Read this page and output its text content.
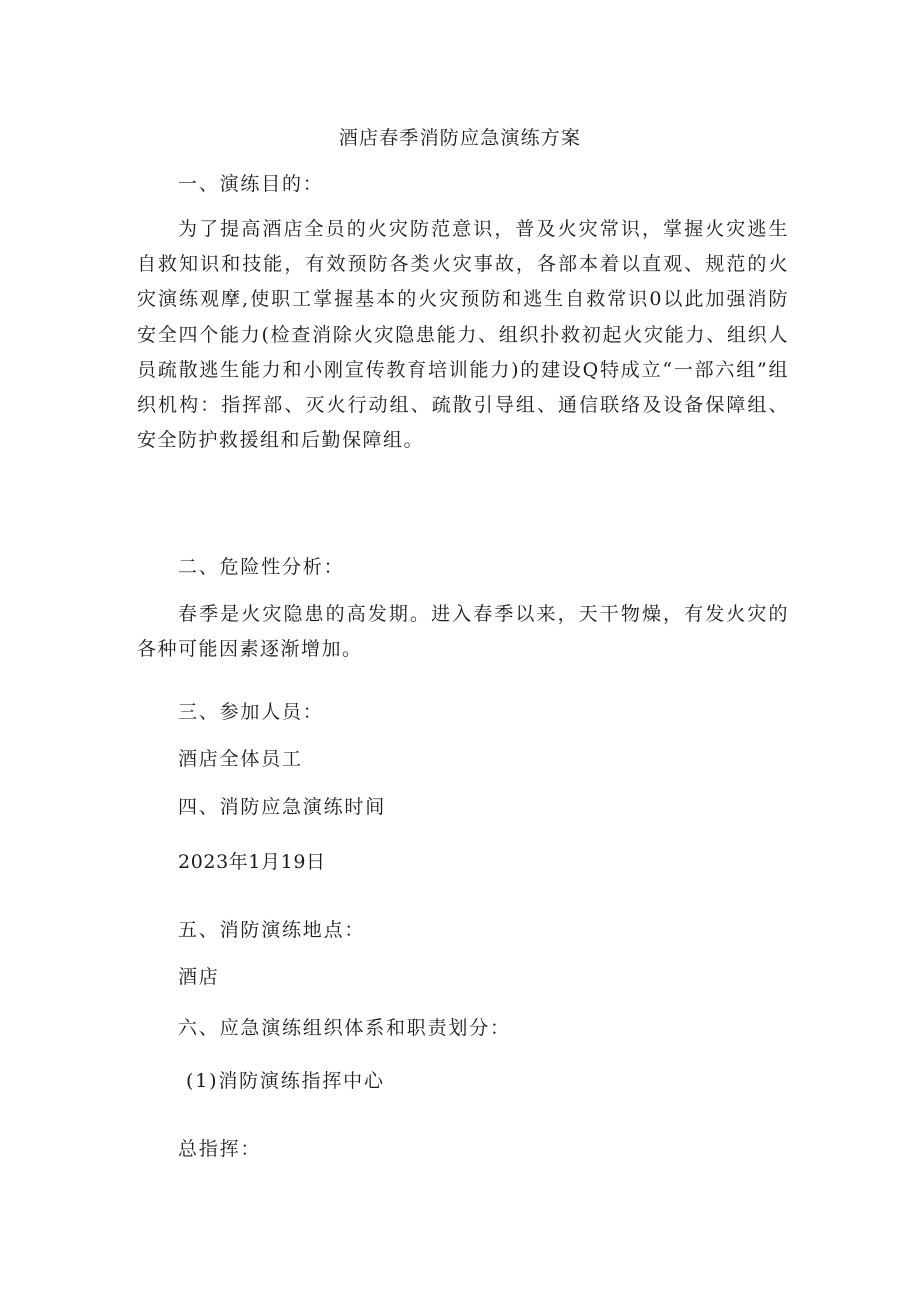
酒店春季消防应急演练方案
一、演练目的：
为了提高酒店全员的火灾防范意识，普及火灾常识，掌握火灾逃生自救知识和技能，有效预防各类火灾事故，各部本着以直观、规范的火灾演练观摩,使职工掌握基本的火灾预防和逃生自救常识0以此加强消防安全四个能力(检查消除火灾隐患能力、组织扑救初起火灾能力、组织人员疏散逃生能力和小刚宣传教育培训能力)的建设Q特成立“一部六组”组织机构：指挥部、灭火行动组、疏散引导组、通信联络及设备保障组、安全防护救援组和后勤保障组。
二、危险性分析：
春季是火灾隐患的高发期。进入春季以来，天干物燥，有发火灾的各种可能因素逐渐增加。
三、参加人员：
酒店全体员工
四、消防应急演练时间
2023年1月19日
五、消防演练地点：
酒店
六、应急演练组织体系和职责划分：
(1)消防演练指挥中心
总指挥：
